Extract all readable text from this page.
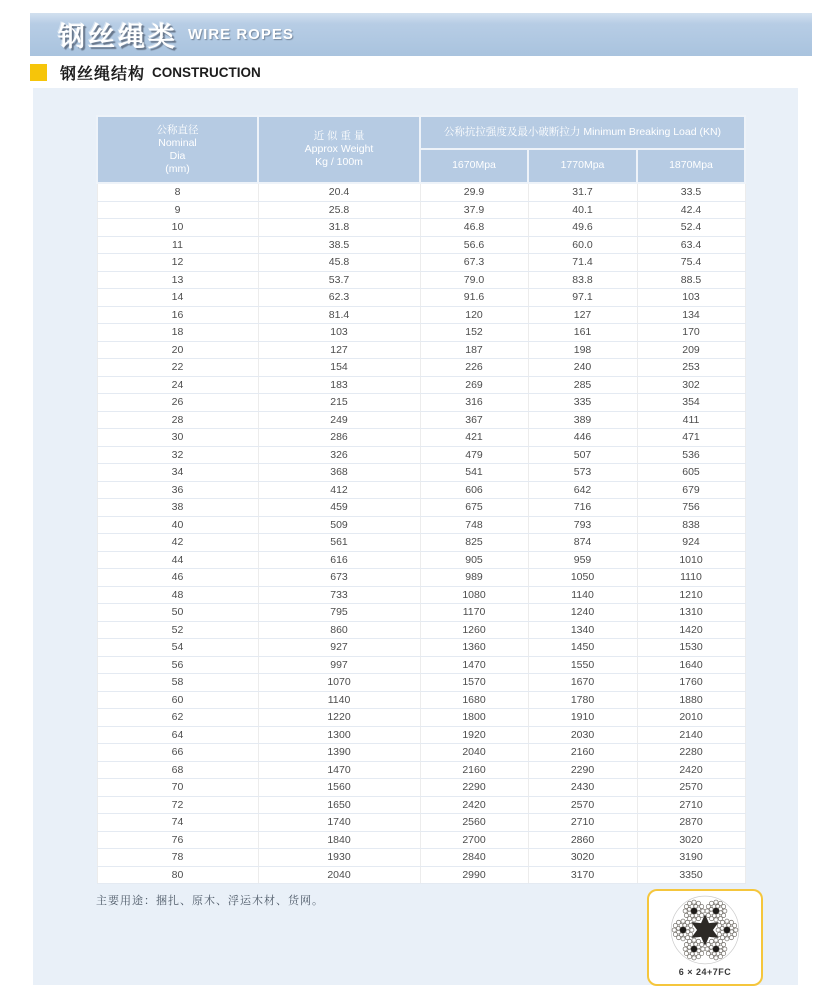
钢丝绳类 WIRE ROPES
钢丝绳结构 CONSTRUCTION
公称直径
Nominal
Dia
(mm)

近 似 重 量
Approx Weight
Kg / 100m
	公称抗拉强度及最小破断拉力 Minimum Breaking Load (KN)
		1670Mpa	1770Mpa	1870Mpa
8	20.4	29.9	31.7	33.5
9	25.8	37.9	40.1	42.4
10	31.8	46.8	49.6	52.4
11	38.5	56.6	60.0	63.4
12	45.8	67.3	71.4	75.4
13	53.7	79.0	83.8	88.5
14	62.3	91.6	97.1	103
16	81.4	120	127	134
18	103	152	161	170
20	127	187	198	209
22	154	226	240	253
24	183	269	285	302
26	215	316	335	354
28	249	367	389	411
30	286	421	446	471
32	326	479	507	536
34	368	541	573	605
36	412	606	642	679
38	459	675	716	756
40	509	748	793	838
42	561	825	874	924
44	616	905	959	1010
46	673	989	1050	1110
48	733	1080	1140	1210
50	795	1170	1240	1310
52	860	1260	1340	1420
54	927	1360	1450	1530
56	997	1470	1550	1640
58	1070	1570	1670	1760
60	1140	1680	1780	1880
62	1220	1800	1910	2010
64	1300	1920	2030	2140
66	1390	2040	2160	2280
68	1470	2160	2290	2420
70	1560	2290	2430	2570
72	1650	2420	2570	2710
74	1740	2560	2710	2870
76	1840	2700	2860	3020
78	1930	2840	3020	3190
80	2040	2990	3170	3350
主要用途：捆扎、原木、浮运木材、货网。
6 × 24+7FC
